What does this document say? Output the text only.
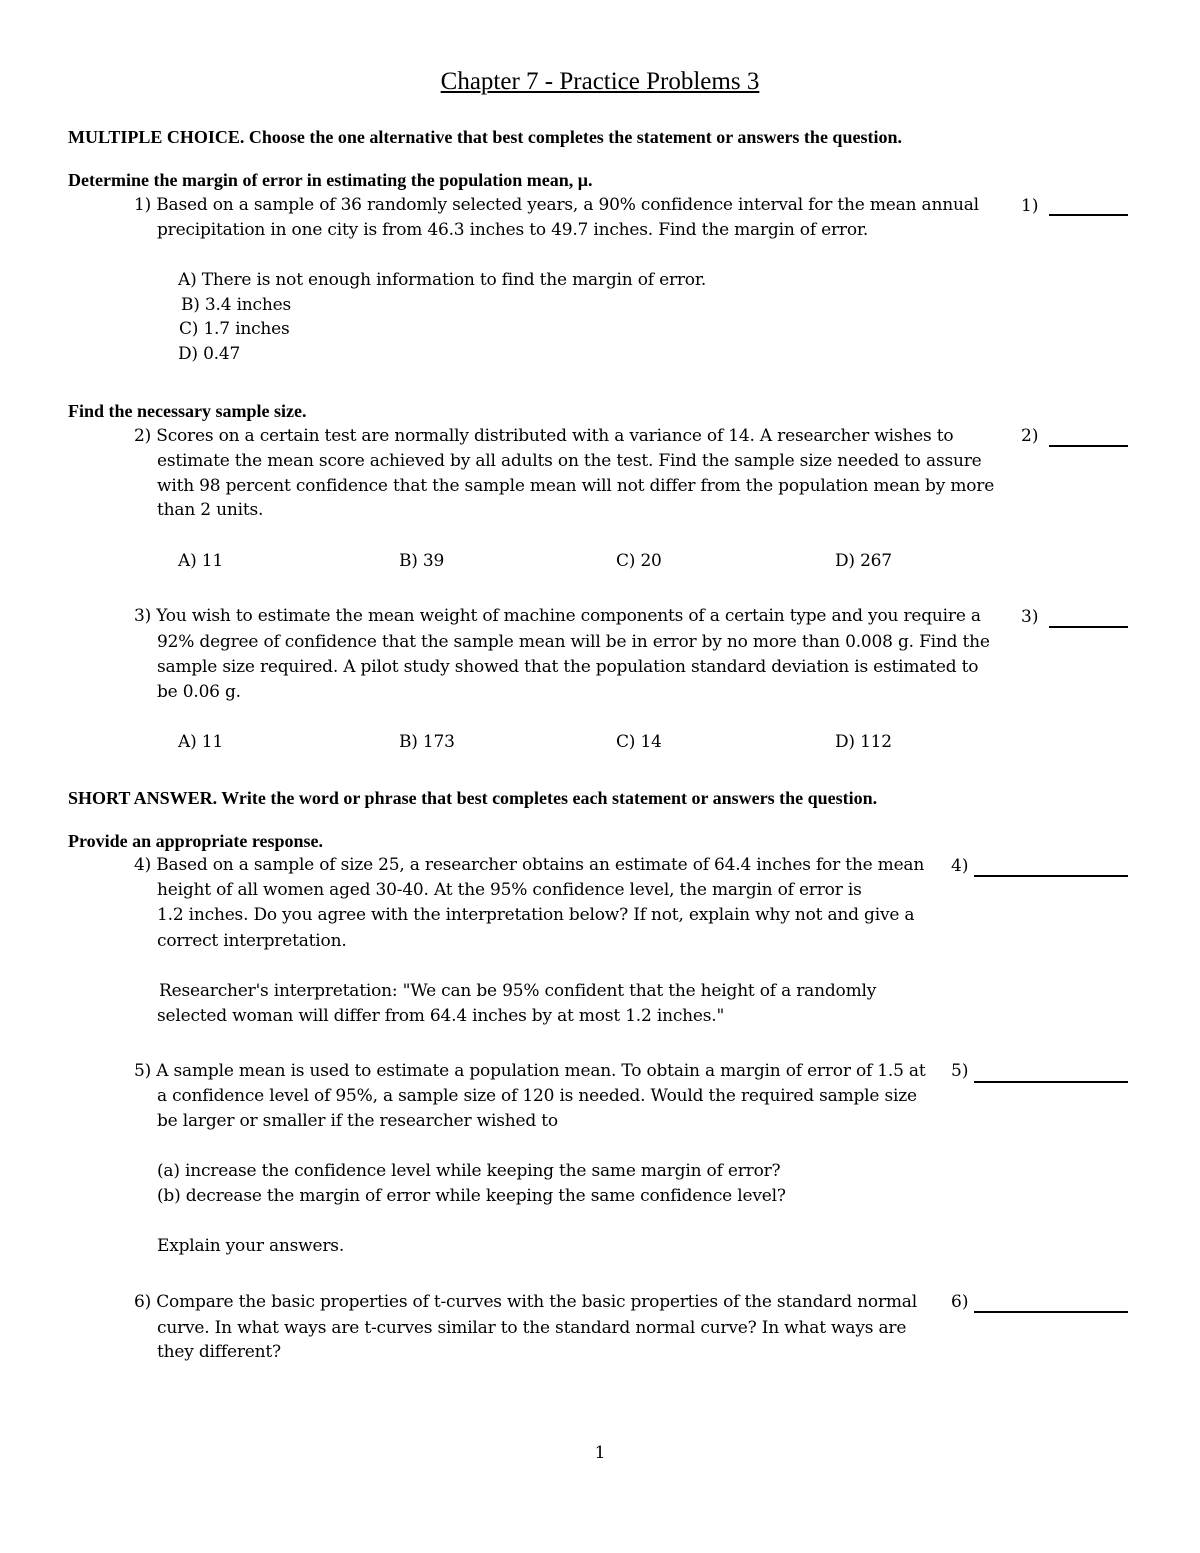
Chapter 7 - Practice Problems 3
MULTIPLE CHOICE. Choose the one alternative that best completes the statement or answers the question.
Determine the margin of error in estimating the population mean, μ.
1) Based on a sample of 36 randomly selected years, a 90% confidence interval for the mean annual
precipitation in one city is from 46.3 inches to 49.7 inches. Find the margin of error.
1)
A) There is not enough information to find the margin of error.
B) 3.4 inches
C) 1.7 inches
D) 0.47
Find the necessary sample size.
2) Scores on a certain test are normally distributed with a variance of 14. A researcher wishes to
estimate the mean score achieved by all adults on the test. Find the sample size needed to assure
with 98 percent confidence that the sample mean will not differ from the population mean by more
than 2 units.
2)
A) 11	B) 39	C) 20	D) 267
3) You wish to estimate the mean weight of machine components of a certain type and you require a
92% degree of confidence that the sample mean will be in error by no more than 0.008 g. Find the
sample size required. A pilot study showed that the population standard deviation is estimated to
be 0.06 g.
3)
A) 11	B) 173	C) 14	D) 112
SHORT ANSWER. Write the word or phrase that best completes each statement or answers the question.
Provide an appropriate response.
4) Based on a sample of size 25, a researcher obtains an estimate of 64.4 inches for the mean
height of all women aged 30-40. At the 95% confidence level, the margin of error is
1.2 inches. Do you agree with the interpretation below? If not, explain why not and give a
correct interpretation.
Researcher's interpretation: "We can be 95% confident that the height of a randomly
selected woman will differ from 64.4 inches by at most 1.2 inches."
4)
5) A sample mean is used to estimate a population mean. To obtain a margin of error of 1.5 at
a confidence level of 95%, a sample size of 120 is needed. Would the required sample size
be larger or smaller if the researcher wished to
(a) increase the confidence level while keeping the same margin of error?
(b) decrease the margin of error while keeping the same confidence level?
Explain your answers.
5)
6) Compare the basic properties of t-curves with the basic properties of the standard normal
curve. In what ways are t-curves similar to the standard normal curve? In what ways are
they different?
6)
1
